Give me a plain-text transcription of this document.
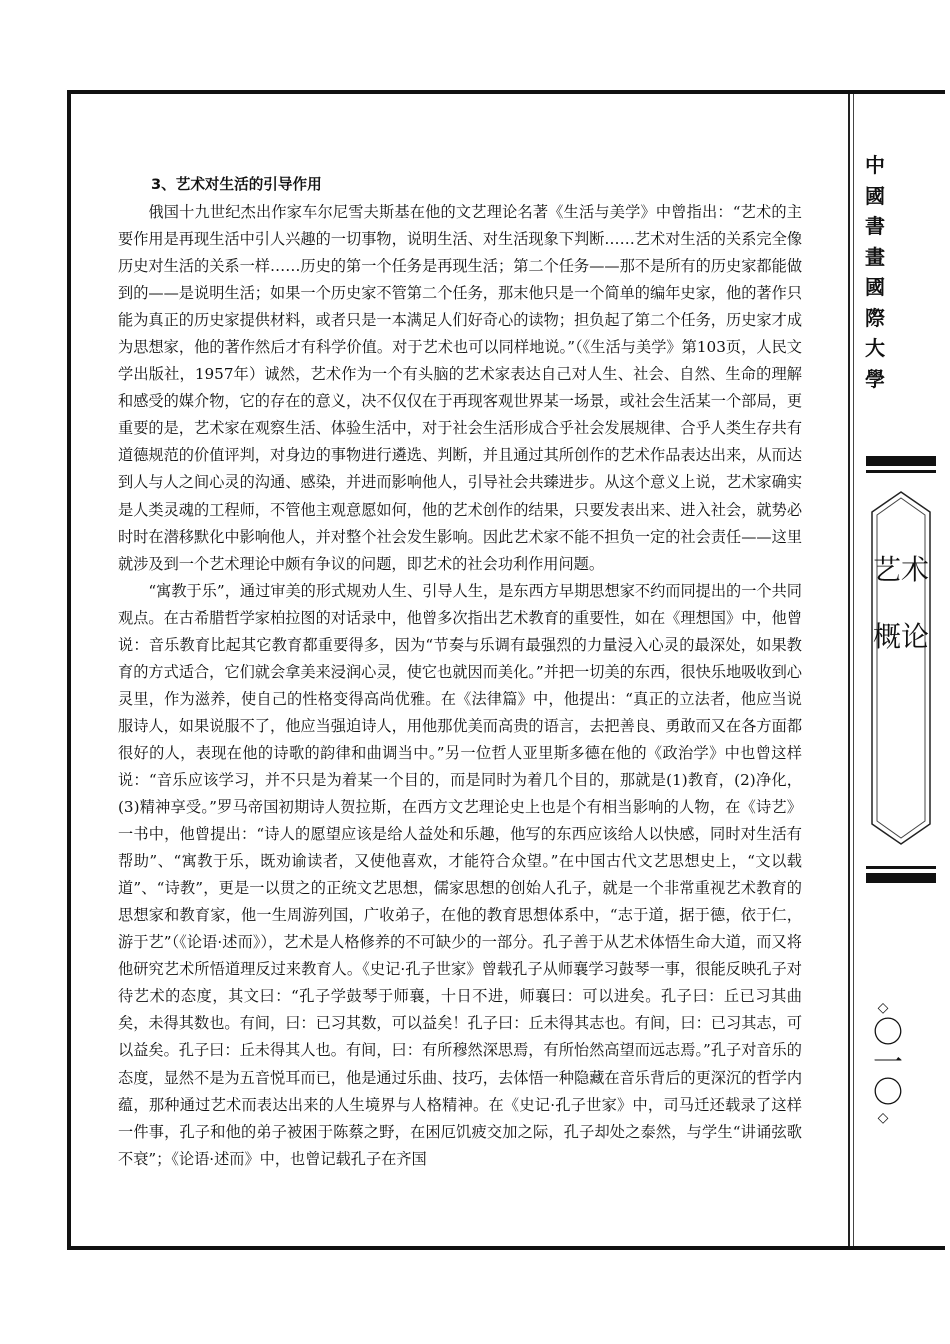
中國書畫國際大學
艺术概论
◇
〇一〇
◇
3、艺术对生活的引导作用

俄国十九世纪杰出作家车尔尼雪夫斯基在他的文艺理论名著《生活与美学》中曾指出：“艺术的主要作用是再现生活中引人兴趣的一切事物，说明生活、对生活现象下判断……艺术对生活的关系完全像历史对生活的关系一样……历史的第一个任务是再现生活；第二个任务——那不是所有的历史家都能做到的——是说明生活；如果一个历史家不管第二个任务，那末他只是一个简单的编年史家，他的著作只能为真正的历史家提供材料，或者只是一本满足人们好奇心的读物；担负起了第二个任务，历史家才成为思想家，他的著作然后才有科学价值。对于艺术也可以同样地说。”（《生活与美学》第103页，人民文学出版社，1957年）诚然，艺术作为一个有头脑的艺术家表达自己对人生、社会、自然、生命的理解和感受的媒介物，它的存在的意义，决不仅仅在于再现客观世界某一场景，或社会生活某一个部局，更重要的是，艺术家在观察生活、体验生活中，对于社会生活形成合乎社会发展规律、合乎人类生存共有道德规范的价值评判，对身边的事物进行遴选、判断，并且通过其所创作的艺术作品表达出来，从而达到人与人之间心灵的沟通、感染，并进而影响他人，引导社会共臻进步。从这个意义上说，艺术家确实是人类灵魂的工程师，不管他主观意愿如何，他的艺术创作的结果，只要发表出来、进入社会，就势必时时在潜移默化中影响他人，并对整个社会发生影响。因此艺术家不能不担负一定的社会责任——这里就涉及到一个艺术理论中颇有争议的问题，即艺术的社会功利作用问题。

“寓教于乐”，通过审美的形式规劝人生、引导人生，是东西方早期思想家不约而同提出的一个共同观点。在古希腊哲学家柏拉图的对话录中，他曾多次指出艺术教育的重要性，如在《理想国》中，他曾说：音乐教育比起其它教育都重要得多，因为“节奏与乐调有最强烈的力量浸入心灵的最深处，如果教育的方式适合，它们就会拿美来浸润心灵，使它也就因而美化。”并把一切美的东西，很快乐地吸收到心灵里，作为滋养，使自己的性格变得高尚优雅。在《法律篇》中，他提出：“真正的立法者，他应当说服诗人，如果说服不了，他应当强迫诗人，用他那优美而高贵的语言，去把善良、勇敢而又在各方面都很好的人，表现在他的诗歌的韵律和曲调当中。”另一位哲人亚里斯多德在他的《政治学》中也曾这样说：“音乐应该学习，并不只是为着某一个目的，而是同时为着几个目的，那就是(1)教育，(2)净化，(3)精神享受。”罗马帝国初期诗人贺拉斯，在西方文艺理论史上也是个有相当影响的人物，在《诗艺》一书中，他曾提出：“诗人的愿望应该是给人益处和乐趣，他写的东西应该给人以快感，同时对生活有帮助”、“寓教于乐，既劝谕读者，又使他喜欢，才能符合众望。”在中国古代文艺思想史上，“文以载道”、“诗教”，更是一以贯之的正统文艺思想，儒家思想的创始人孔子，就是一个非常重视艺术教育的思想家和教育家，他一生周游列国，广收弟子，在他的教育思想体系中，“志于道，据于德，依于仁，游于艺”（《论语·述而》），艺术是人格修养的不可缺少的一部分。孔子善于从艺术体悟生命大道，而又将他研究艺术所悟道理反过来教育人。《史记·孔子世家》曾载孔子从师襄学习鼓琴一事，很能反映孔子对待艺术的态度，其文曰：“孔子学鼓琴于师襄，十日不进，师襄曰：可以进矣。孔子曰：丘已习其曲矣，未得其数也。有间，曰：已习其数，可以益矣！孔子曰：丘未得其志也。有间，曰：已习其志，可以益矣。孔子曰：丘未得其人也。有间，曰：有所穆然深思焉，有所怡然高望而远志焉。”孔子对音乐的态度，显然不是为五音悦耳而已，他是通过乐曲、技巧，去体悟一种隐藏在音乐背后的更深沉的哲学内蕴，那种通过艺术而表达出来的人生境界与人格精神。在《史记·孔子世家》中，司马迁还载录了这样一件事，孔子和他的弟子被困于陈蔡之野，在困厄饥疲交加之际，孔子却处之泰然，与学生“讲诵弦歌不衰”；《论语·述而》中，也曾记载孔子在齐国
